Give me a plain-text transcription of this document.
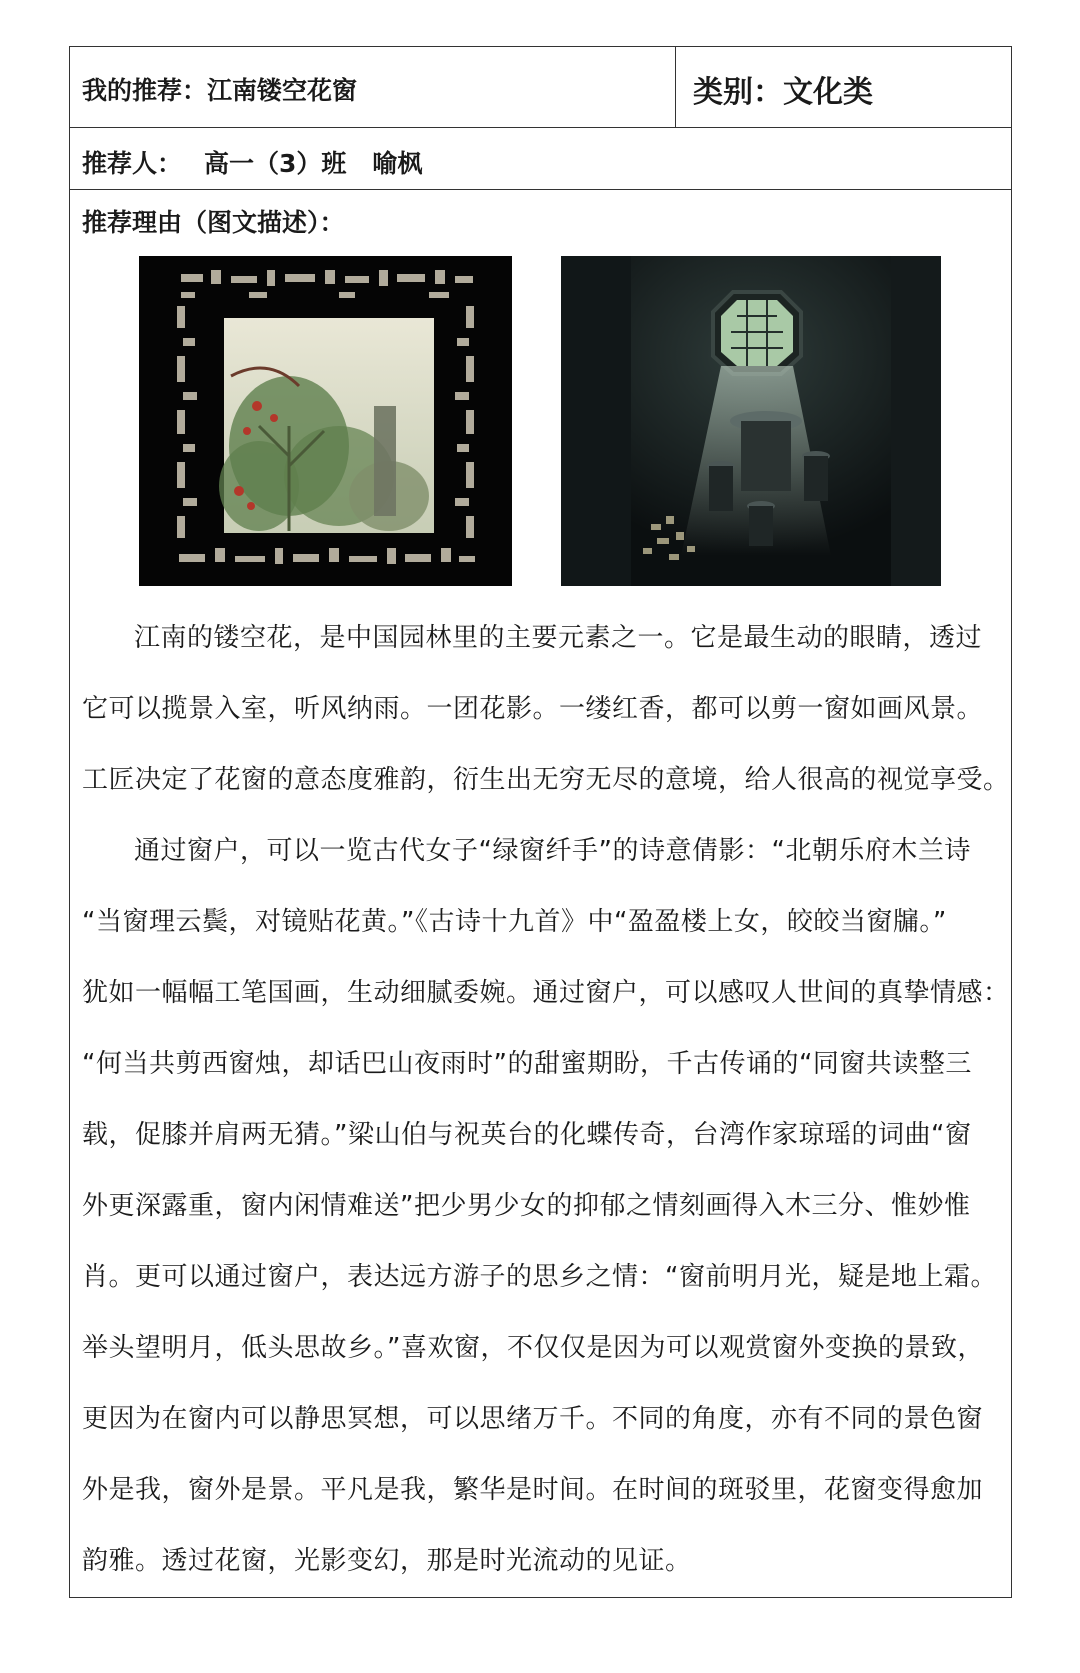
我的推荐：江南镂空花窗	类别：文化类
推荐人： 高一（3）班 喻枫
推荐理由（图文描述）：

江南的镂空花，是中国园林里的主要元素之一。它是最生动的眼睛，透过

它可以揽景入室，听风纳雨。一团花影。一缕红香，都可以剪一窗如画风景。

工匠决定了花窗的意态度雅韵，衍生出无穷无尽的意境，给人很高的视觉享受。

通过窗户，可以一览古代女子“绿窗纤手”的诗意倩影：“北朝乐府木兰诗

“当窗理云鬓，对镜贴花黄。”《古诗十九首》中“盈盈楼上女，皎皎当窗牖。”

犹如一幅幅工笔国画，生动细腻委婉。通过窗户，可以感叹人世间的真挚情感：

“何当共剪西窗烛，却话巴山夜雨时”的甜蜜期盼，千古传诵的“同窗共读整三

载，促膝并肩两无猜。”梁山伯与祝英台的化蝶传奇，台湾作家琼瑶的词曲“窗

外更深露重，窗内闲情难送”把少男少女的抑郁之情刻画得入木三分、惟妙惟

肖。更可以通过窗户，表达远方游子的思乡之情：“窗前明月光，疑是地上霜。

举头望明月，低头思故乡。”喜欢窗，不仅仅是因为可以观赏窗外变换的景致，

更因为在窗内可以静思冥想，可以思绪万千。不同的角度，亦有不同的景色窗

外是我，窗外是景。平凡是我，繁华是时间。在时间的斑驳里，花窗变得愈加

韵雅。透过花窗，光影变幻，那是时光流动的见证。
